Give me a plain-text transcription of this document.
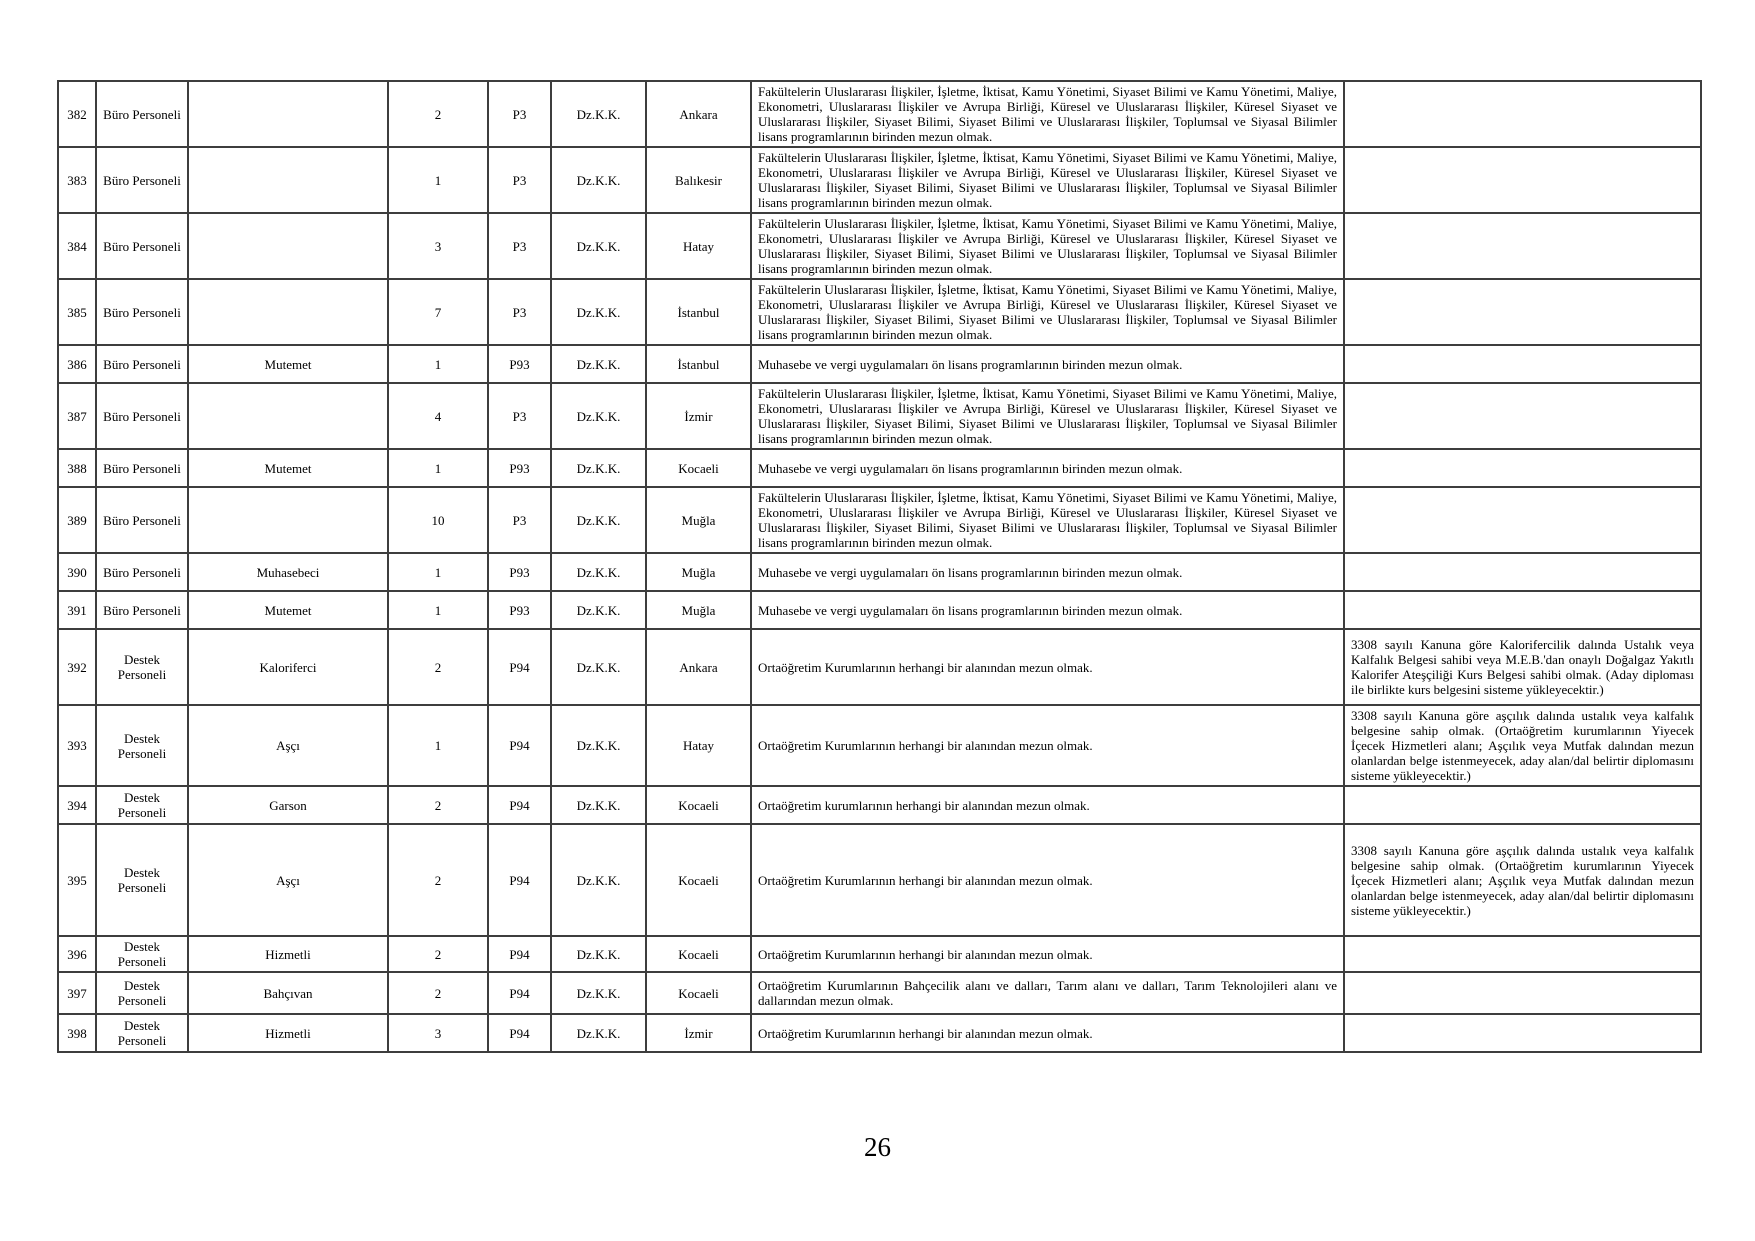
382	Büro Personeli		2	P3	Dz.K.K.	Ankara	Fakültelerin Uluslararası İlişkiler, İşletme, İktisat, Kamu Yönetimi, Siyaset Bilimi ve Kamu Yönetimi, Maliye, Ekonometri, Uluslararası İlişkiler ve Avrupa Birliği, Küresel ve Uluslararası İlişkiler, Küresel Siyaset ve Uluslararası İlişkiler, Siyaset Bilimi, Siyaset Bilimi ve Uluslararası İlişkiler, Toplumsal ve Siyasal Bilimler lisans programlarının birinden mezun olmak.	
383	Büro Personeli		1	P3	Dz.K.K.	Balıkesir	Fakültelerin Uluslararası İlişkiler, İşletme, İktisat, Kamu Yönetimi, Siyaset Bilimi ve Kamu Yönetimi, Maliye, Ekonometri, Uluslararası İlişkiler ve Avrupa Birliği, Küresel ve Uluslararası İlişkiler, Küresel Siyaset ve Uluslararası İlişkiler, Siyaset Bilimi, Siyaset Bilimi ve Uluslararası İlişkiler, Toplumsal ve Siyasal Bilimler lisans programlarının birinden mezun olmak.	
384	Büro Personeli		3	P3	Dz.K.K.	Hatay	Fakültelerin Uluslararası İlişkiler, İşletme, İktisat, Kamu Yönetimi, Siyaset Bilimi ve Kamu Yönetimi, Maliye, Ekonometri, Uluslararası İlişkiler ve Avrupa Birliği, Küresel ve Uluslararası İlişkiler, Küresel Siyaset ve Uluslararası İlişkiler, Siyaset Bilimi, Siyaset Bilimi ve Uluslararası İlişkiler, Toplumsal ve Siyasal Bilimler lisans programlarının birinden mezun olmak.	
385	Büro Personeli		7	P3	Dz.K.K.	İstanbul	Fakültelerin Uluslararası İlişkiler, İşletme, İktisat, Kamu Yönetimi, Siyaset Bilimi ve Kamu Yönetimi, Maliye, Ekonometri, Uluslararası İlişkiler ve Avrupa Birliği, Küresel ve Uluslararası İlişkiler, Küresel Siyaset ve Uluslararası İlişkiler, Siyaset Bilimi, Siyaset Bilimi ve Uluslararası İlişkiler, Toplumsal ve Siyasal Bilimler lisans programlarının birinden mezun olmak.	
386	Büro Personeli	Mutemet	1	P93	Dz.K.K.	İstanbul	Muhasebe ve vergi uygulamaları ön lisans programlarının birinden mezun olmak.	
387	Büro Personeli		4	P3	Dz.K.K.	İzmir	Fakültelerin Uluslararası İlişkiler, İşletme, İktisat, Kamu Yönetimi, Siyaset Bilimi ve Kamu Yönetimi, Maliye, Ekonometri, Uluslararası İlişkiler ve Avrupa Birliği, Küresel ve Uluslararası İlişkiler, Küresel Siyaset ve Uluslararası İlişkiler, Siyaset Bilimi, Siyaset Bilimi ve Uluslararası İlişkiler, Toplumsal ve Siyasal Bilimler lisans programlarının birinden mezun olmak.	
388	Büro Personeli	Mutemet	1	P93	Dz.K.K.	Kocaeli	Muhasebe ve vergi uygulamaları ön lisans programlarının birinden mezun olmak.	
389	Büro Personeli		10	P3	Dz.K.K.	Muğla	Fakültelerin Uluslararası İlişkiler, İşletme, İktisat, Kamu Yönetimi, Siyaset Bilimi ve Kamu Yönetimi, Maliye, Ekonometri, Uluslararası İlişkiler ve Avrupa Birliği, Küresel ve Uluslararası İlişkiler, Küresel Siyaset ve Uluslararası İlişkiler, Siyaset Bilimi, Siyaset Bilimi ve Uluslararası İlişkiler, Toplumsal ve Siyasal Bilimler lisans programlarının birinden mezun olmak.	
390	Büro Personeli	Muhasebeci	1	P93	Dz.K.K.	Muğla	Muhasebe ve vergi uygulamaları ön lisans programlarının birinden mezun olmak.	
391	Büro Personeli	Mutemet	1	P93	Dz.K.K.	Muğla	Muhasebe ve vergi uygulamaları ön lisans programlarının birinden mezun olmak.	
392	Destek Personeli	Kaloriferci	2	P94	Dz.K.K.	Ankara	Ortaöğretim Kurumlarının herhangi bir alanından mezun olmak.	3308 sayılı Kanuna göre Kalorifercilik dalında Ustalık veya Kalfalık Belgesi sahibi veya M.E.B.'dan onaylı Doğalgaz Yakıtlı Kalorifer Ateşçiliği Kurs Belgesi sahibi olmak. (Aday diploması ile birlikte kurs belgesini sisteme yükleyecektir.)
393	Destek Personeli	Aşçı	1	P94	Dz.K.K.	Hatay	Ortaöğretim Kurumlarının herhangi bir alanından mezun olmak.	3308 sayılı Kanuna göre aşçılık dalında ustalık veya kalfalık belgesine sahip olmak. (Ortaöğretim kurumlarının Yiyecek İçecek Hizmetleri alanı; Aşçılık veya Mutfak dalından mezun olanlardan belge istenmeyecek, aday alan/dal belirtir diplomasını sisteme yükleyecektir.)
394	Destek Personeli	Garson	2	P94	Dz.K.K.	Kocaeli	Ortaöğretim kurumlarının herhangi bir alanından mezun olmak.	
395	Destek Personeli	Aşçı	2	P94	Dz.K.K.	Kocaeli	Ortaöğretim Kurumlarının herhangi bir alanından mezun olmak.	3308 sayılı Kanuna göre aşçılık dalında ustalık veya kalfalık belgesine sahip olmak. (Ortaöğretim kurumlarının Yiyecek İçecek Hizmetleri alanı; Aşçılık veya Mutfak dalından mezun olanlardan belge istenmeyecek, aday alan/dal belirtir diplomasını sisteme yükleyecektir.)
396	Destek Personeli	Hizmetli	2	P94	Dz.K.K.	Kocaeli	Ortaöğretim Kurumlarının herhangi bir alanından mezun olmak.	
397	Destek Personeli	Bahçıvan	2	P94	Dz.K.K.	Kocaeli	Ortaöğretim Kurumlarının Bahçecilik alanı ve dalları, Tarım alanı ve dalları, Tarım Teknolojileri alanı ve dallarından mezun olmak.	
398	Destek Personeli	Hizmetli	3	P94	Dz.K.K.	İzmir	Ortaöğretim Kurumlarının herhangi bir alanından mezun olmak.	
26
